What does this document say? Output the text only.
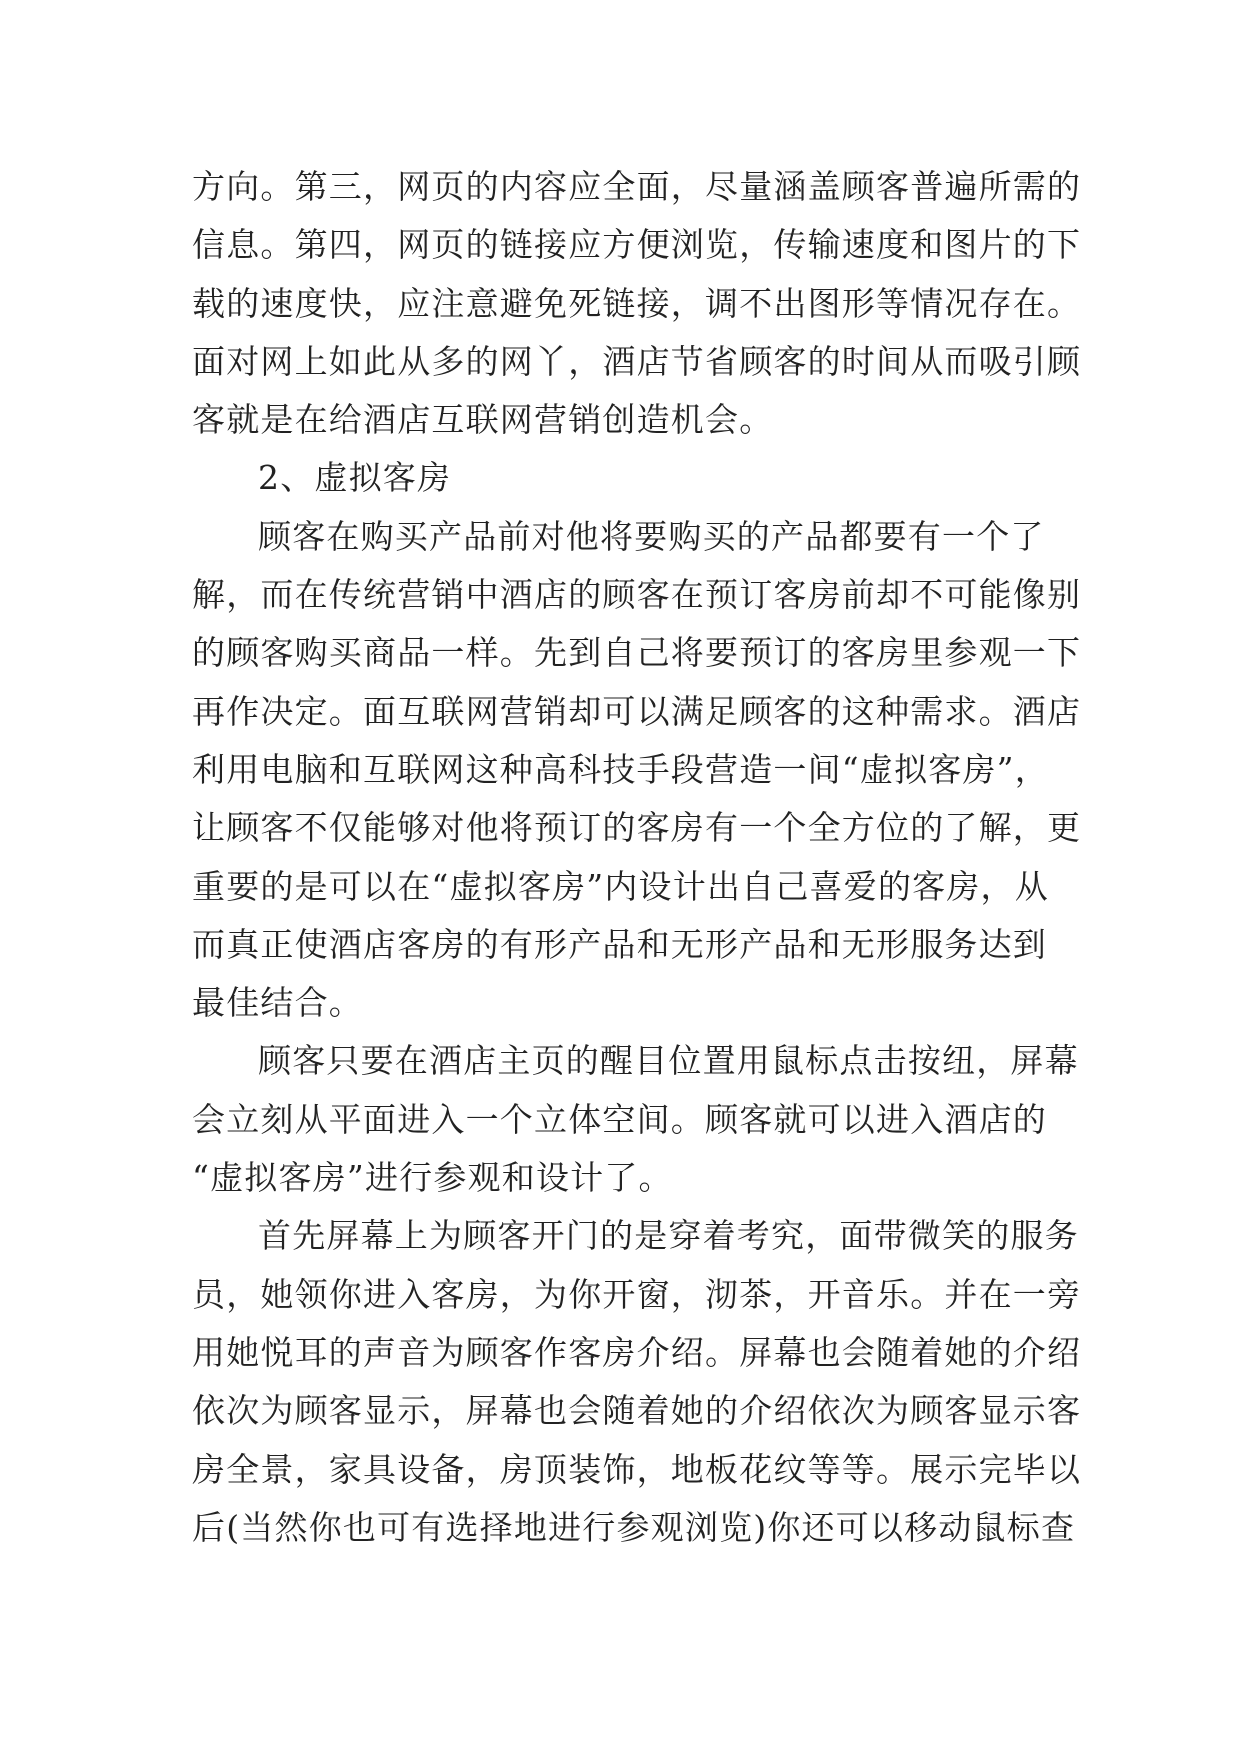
方向。第三，网页的内容应全面，尽量涵盖顾客普遍所需的
信息。第四，网页的链接应方便浏览，传输速度和图片的下
载的速度快，应注意避免死链接，调不出图形等情况存在。
面对网上如此从多的网丫，酒店节省顾客的时间从而吸引顾
客就是在给酒店互联网营销创造机会。
2、虚拟客房
顾客在购买产品前对他将要购买的产品都要有一个了
解，而在传统营销中酒店的顾客在预订客房前却不可能像别
的顾客购买商品一样。先到自己将要预订的客房里参观一下
再作决定。面互联网营销却可以满足顾客的这种需求。酒店
利用电脑和互联网这种高科技手段营造一间“虚拟客房”，
让顾客不仅能够对他将预订的客房有一个全方位的了解，更
重要的是可以在“虚拟客房”内设计出自己喜爱的客房，从
而真正使酒店客房的有形产品和无形产品和无形服务达到
最佳结合。
顾客只要在酒店主页的醒目位置用鼠标点击按纽，屏幕
会立刻从平面进入一个立体空间。顾客就可以进入酒店的
“虚拟客房”进行参观和设计了。
首先屏幕上为顾客开门的是穿着考究，面带微笑的服务
员，她领你进入客房，为你开窗，沏茶，开音乐。并在一旁
用她悦耳的声音为顾客作客房介绍。屏幕也会随着她的介绍
依次为顾客显示，屏幕也会随着她的介绍依次为顾客显示客
房全景，家具设备，房顶装饰，地板花纹等等。展示完毕以
后(当然你也可有选择地进行参观浏览)你还可以移动鼠标查
